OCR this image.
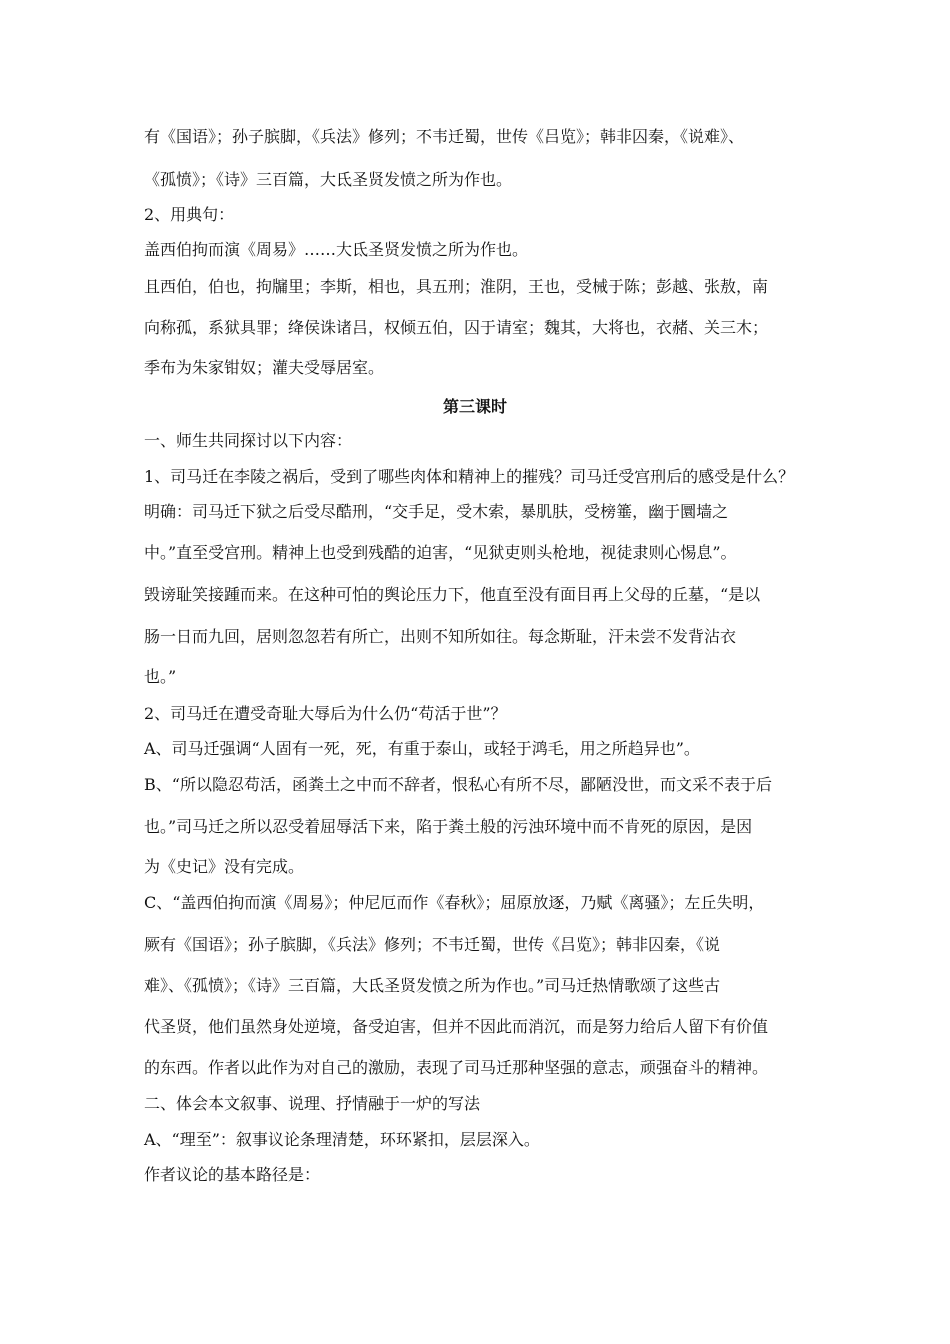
有《国语》；孙子膑脚，《兵法》修列；不韦迁蜀，世传《吕览》；韩非囚秦，《说难》、
《孤愤》；《诗》三百篇，大氐圣贤发愤之所为作也。
2、用典句：
盖西伯拘而演《周易》……大氐圣贤发愤之所为作也。
且西伯，伯也，拘牖里；李斯，相也，具五刑；淮阴，王也，受械于陈；彭越、张敖，南
向称孤，系狱具罪；绛侯诛诸吕，权倾五伯，囚于请室；魏其，大将也，衣赭、关三木；
季布为朱家钳奴；灌夫受辱居室。
第三课时
一、师生共同探讨以下内容：
1、司马迁在李陵之祸后，受到了哪些肉体和精神上的摧残？司马迁受宫刑后的感受是什么？
明确：司马迁下狱之后受尽酷刑，“交手足，受木索，暴肌肤，受榜箠，幽于圜墙之
中。”直至受宫刑。精神上也受到残酷的迫害，“见狱吏则头枪地，视徒隶则心惕息”。
毁谤耻笑接踵而来。在这种可怕的舆论压力下，他直至没有面目再上父母的丘墓，“是以
肠一日而九回，居则忽忽若有所亡，出则不知所如往。每念斯耻，汗未尝不发背沾衣
也。”
2、司马迁在遭受奇耻大辱后为什么仍“苟活于世”？
A、司马迁强调“人固有一死，死，有重于泰山，或轻于鸿毛，用之所趋异也”。
B、“所以隐忍苟活，函粪土之中而不辞者，恨私心有所不尽，鄙陋没世，而文采不表于后
也。”司马迁之所以忍受着屈辱活下来，陷于粪土般的污浊环境中而不肯死的原因，是因
为《史记》没有完成。
C、“盖西伯拘而演《周易》；仲尼厄而作《春秋》；屈原放逐，乃赋《离骚》；左丘失明，
厥有《国语》；孙子膑脚，《兵法》修列；不韦迁蜀，世传《吕览》；韩非囚秦，《说
难》、《孤愤》；《诗》三百篇，大氐圣贤发愤之所为作也。”司马迁热情歌颂了这些古
代圣贤，他们虽然身处逆境，备受迫害，但并不因此而消沉，而是努力给后人留下有价值
的东西。作者以此作为对自己的激励，表现了司马迁那种坚强的意志，顽强奋斗的精神。
二、体会本文叙事、说理、抒情融于一炉的写法
A、“理至”：叙事议论条理清楚，环环紧扣，层层深入。
作者议论的基本路径是：
